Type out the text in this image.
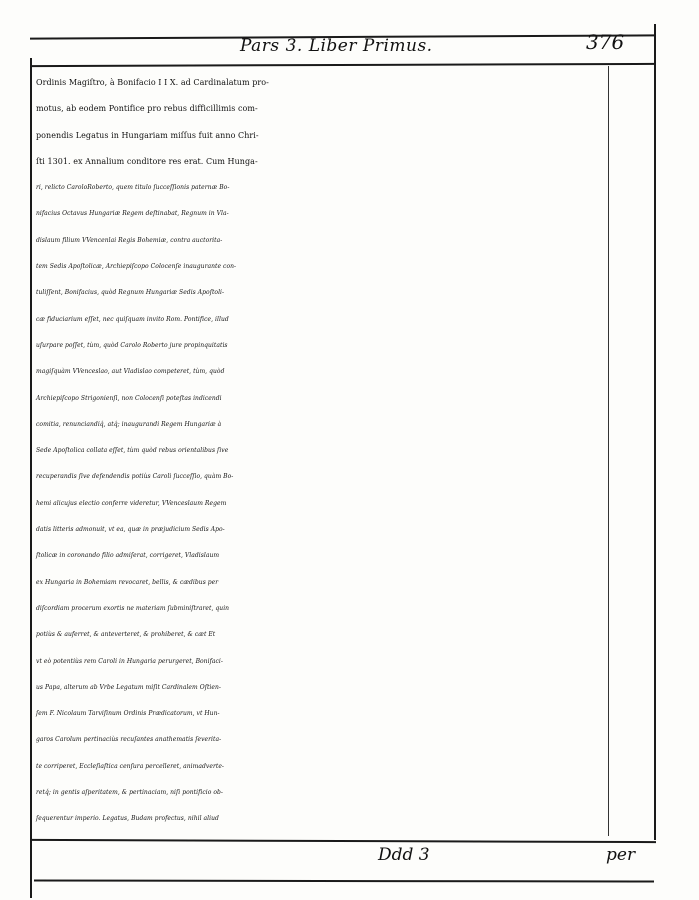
Pars 3. Liber Primus.	376
Ordinis Magiſtro, à Bonifacio I I X. ad Cardinalatum pro-
motus, ab eodem Pontifice pro rebus difficillimis com-
ponendis Legatus in Hungariam miſſus fuit anno Chri-
ſti 1301. ex Annalium conditore res erat. Cum Hunga-
ri, relicto CaroloRoberto, quem titulo ſucceſſionis paternæ Bo-
nifacius Octavus Hungariæ Regem deſtinabat, Regnum in Vla-
dislaum filium VVencenlai Regis Bohemiæ, contra auctorita-
tem Sedis Apoſtolicæ, Archiepiſcopo Colocenſe inaugurante con-
tuliſſent, Bonifacius, quòd Regnum Hungariæ Sedis Apoſtoli-
cæ fiduciarium eſſet, nec quiſquam invito Rom. Pontifice, illud
uſurpare poſſet, tùm, quòd Carolo Roberto jure propinquitatis
magiſquàm VVenceslao, aut Vladislao competeret, tùm, quòd
Archiepiſcopo Strigonienſi, non Colocenſi poteſtas indicendi
comitia, renunciandiq́, atq́; inaugurandi Regem Hungariæ à
Sede Apoſtolica collata eſſet, tùm quòd rebus orientalibus ſive
recuperandis ſive defendendis potiùs Caroli ſucceſſio, quàm Bo-
hemi alicujus electio conferre videretur, VVenceslaum Regem
datis litteris admonuit, vt ea, quæ in præjudicium Sedis Apo-
ſtolicæ in coronando filio admiſerat, corrigeret, Vladislaum
ex Hungaria in Bohemiam revocaret, bellis, & cædibus per
diſcordiam procerum exortis ne materiam ſubminiſtraret, quin
potiùs & auferret, & anteverteret, & prohiberet, & cæt Et
vt eò potentiùs rem Caroli in Hungaria perurgeret, Bonifaci-
us Papa, alterum ab Vrbe Legatum miſit Cardinalem Oſtien-
ſem F. Nicolaum Tarviſinum Ordinis Prædicatorum, vt Hun-
garos Carolum pertinaciùs recuſantes anathematis ſeverita-
te corriperet, Eccleſiaſtica cenſura percelleret, animadverte-
retq́; in gentis aſperitatem, & pertinaciam, niſi pontificio ob-
ſequerentur imperio. Legatus, Budam profectus, nihil aliud
Ddd 3	per
